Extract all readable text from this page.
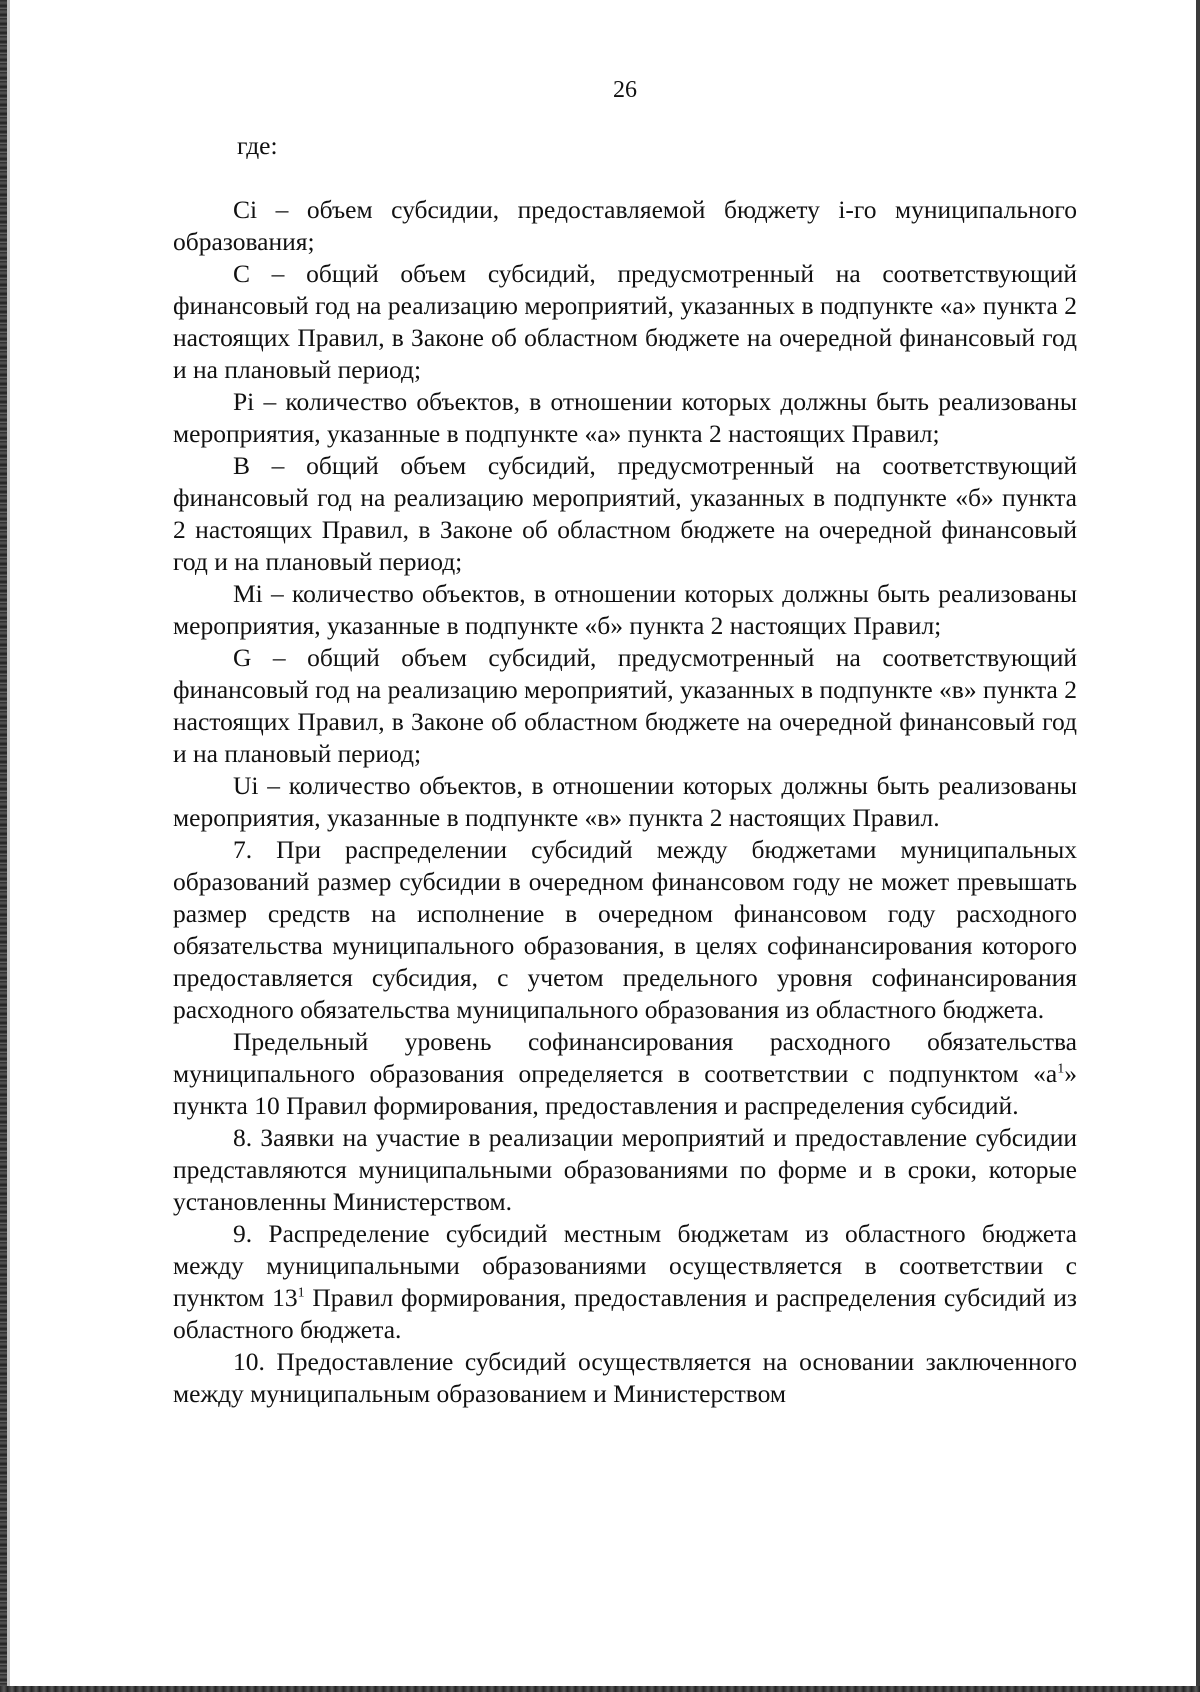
26

где:

Ci – объем субсидии, предоставляемой бюджету i-го муниципального образования;

С – общий объем субсидий, предусмотренный на соответствующий финансовый год на реализацию мероприятий, указанных в подпункте «а» пункта 2 настоящих Правил, в Законе об областном бюджете на очередной финансовый год и на плановый период;

Pi – количество объектов, в отношении которых должны быть реализованы мероприятия, указанные в подпункте «а» пункта 2 настоящих Правил;

B – общий объем субсидий, предусмотренный на соответствующий финансовый год на реализацию мероприятий, указанных в подпункте «б» пункта 2 настоящих Правил, в Законе об областном бюджете на очередной финансовый год и на плановый период;

Mi – количество объектов, в отношении которых должны быть реализованы мероприятия, указанные в подпункте «б» пункта 2 настоящих Правил;

G – общий объем субсидий, предусмотренный на соответствующий финансовый год на реализацию мероприятий, указанных в подпункте «в» пункта 2 настоящих Правил, в Законе об областном бюджете на очередной финансовый год и на плановый период;

Ui – количество объектов, в отношении которых должны быть реализованы мероприятия, указанные в подпункте «в» пункта 2 настоящих Правил.

7. При распределении субсидий между бюджетами муниципальных образований размер субсидии в очередном финансовом году не может превышать размер средств на исполнение в очередном финансовом году расходного обязательства муниципального образования, в целях софинансирования которого предоставляется субсидия, с учетом предельного уровня софинансирования расходного обязательства муниципального образования из областного бюджета.

Предельный уровень софинансирования расходного обязательства муниципального образования определяется в соответствии с подпунктом «$а^1$» пункта 10 Правил формирования, предоставления и распределения субсидий.

8. Заявки на участие в реализации мероприятий и предоставление субсидии представляются муниципальными образованиями по форме и в сроки, которые установленны Министерством.

9. Распределение субсидий местным бюджетам из областного бюджета между муниципальными образованиями осуществляется в соответствии с пунктом $13^1$ Правил формирования, предоставления и распределения субсидий из областного бюджета.

10. Предоставление субсидий осуществляется на основании заключенного между муниципальным образованием и Министерством
